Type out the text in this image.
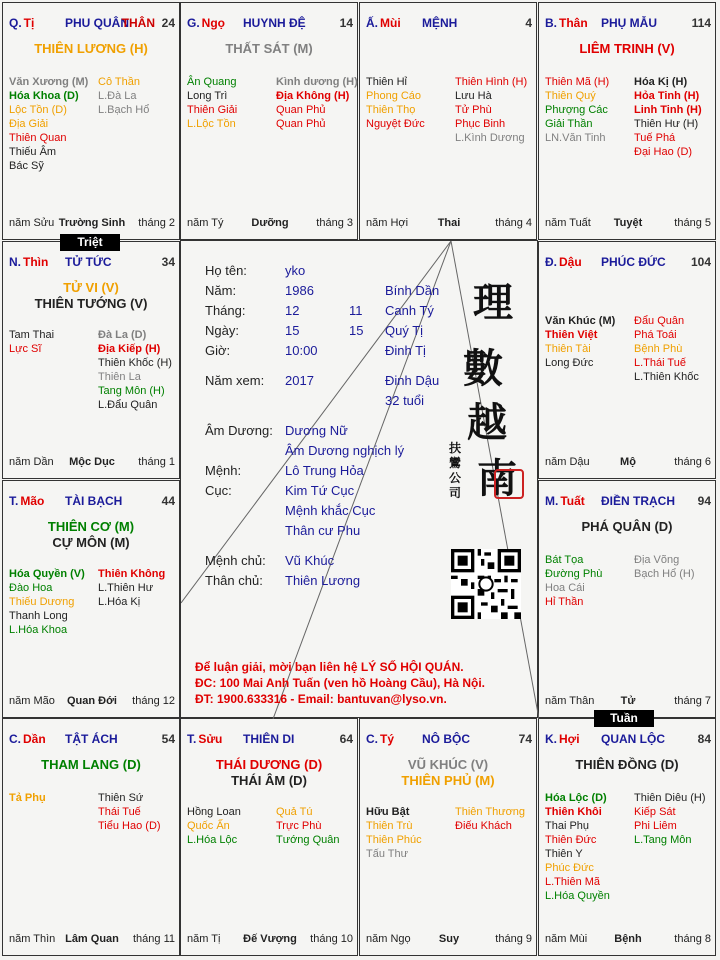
Q. Tị	PHU QUÂN
THÂN 24
THIÊN LƯƠNG (H)
Văn Xương (M)
Hóa Khoa (D)
Lộc Tồn (D)
Địa Giải
Thiên Quan
Thiếu Âm
Bác Sỹ
Cô Thần
L.Đà La
L.Bạch Hổ
năm Sửu Trường Sinh	tháng 2
G. Ngọ HUYNH ĐỆ	14
THẤT SÁT (M)
Ân Quang
Long Trì
Thiên Giải
L.Lộc Tồn
Kình dương (H)
Địa Không (H)
Quan Phủ
Quan Phủ
năm Tý	Dưỡng	tháng 3
Ấ. Mùi MỆNH	4
Thiên Hỉ
Phong Cáo
Thiên Thọ
Nguyệt Đức
Thiên Hình (H)
Lưu Hà
Tử Phù
Phục Binh
L.Kình Dương
năm Hợi	Thai	tháng 4
B. Thân PHỤ MẪU	114
LIÊM TRINH (V)
Thiên Mã (H)
Thiên Quý
Phượng Các
Giải Thần
LN.Văn Tinh
Hóa Kị (H)
Hỏa Tinh (H)
Linh Tinh (H)
Thiên Hư (H)
Tuế Phá
Đại Hao (D)
năm Tuất	Tuyệt	tháng 5
N. Thìn TỬ TỨC	34
TỬ VI (V)
THIÊN TƯỚNG (V)
Tam Thai
Lực Sĩ
Đà La (D)
Địa Kiếp (H)
Thiên Khốc (H)
Thiên La
Tang Môn (H)
L.Đẩu Quân
năm Dần	Mộc Dục	tháng 1
Đ. Dậu PHÚC ĐỨC 104
Văn Khúc (M)
Thiên Việt
Thiên Tài
Long Đức
Đẩu Quân
Phá Toái
Bệnh Phù
L.Thái Tuế
L.Thiên Khốc
năm Dậu	Mộ	tháng 6
T. Mão TÀI BẠCH	44
THIÊN CƠ (M)
CỰ MÔN (M)
Hóa Quyền (V)
Đào Hoa
Thiếu Dương
Thanh Long
L.Hóa Khoa
Thiên Không
L.Thiên Hư
L.Hóa Kị
năm Mão	Quan Đới	tháng 12
M. Tuất ĐIỀN TRẠCH 94
PHÁ QUÂN (D)
Bát Tọa
Đường Phù
Hoa Cái
Hỉ Thần
Địa Võng
Bạch Hổ (H)
năm Thân	Tử	tháng 7
C. Dần TẬT ÁCH	54
THAM LANG (D)
Tả Phụ	Thiên Sứ
Thái Tuế
Tiểu Hao (D)
năm Thìn Lâm Quan	tháng 11
T. Sửu THIÊN DI	64
THÁI DƯƠNG (D)
THÁI ÂM (D)
Hồng Loan
Quốc Ấn
L.Hóa Lộc
Quả Tú
Trực Phù
Tướng Quân
năm Tị	Đế Vượng	tháng 10
C. Tý NÔ BỘC	74
VŨ KHÚC (V)
THIÊN PHỦ (M)
Hữu Bật
Thiên Trù
Thiên Phúc
Tấu Thư
Thiên Thương
Điếu Khách
năm Ngọ	Suy	tháng 9
K. Hợi QUAN LỘC	84
THIÊN ĐỒNG (D)
Hóa Lộc (D)
Thiên Khôi
Thai Phụ
Thiên Đức
Thiên Y
Phúc Đức
L.Thiên Mã
L.Hóa Quyền
Thiên Diêu (H)
Kiếp Sát
Phi Liêm
L.Tang Môn
năm Mùi	Bệnh	tháng 8
Họ tên:	yko
Năm:	1986	Bính Dần
Tháng:	12	11 Canh Tý
Ngày:	15	15 Quý Tị
Giờ:	10:00	Đinh Tị
Năm xem: 2017	Đinh Dậu
32 tuổi
Âm Dương: Dương Nữ
Âm Dương nghịch lý
Mệnh:	Lô Trung Hỏa
Cục:	Kim Tứ Cục
Mệnh khắc Cục
Thân cư Phu
Mệnh chủ: Vũ Khúc
Thân chủ: Thiên Lương
理
數
越
南
扶鸞公司
Để luận giải, mời bạn liên hệ LÝ SỐ HỘI QUÁN.
ĐC: 100 Mai Anh Tuấn (ven hồ Hoàng Cầu), Hà Nội.
ĐT: 1900.633316 - Email: bantuvan@lyso.vn.
Triệt
Tuần
